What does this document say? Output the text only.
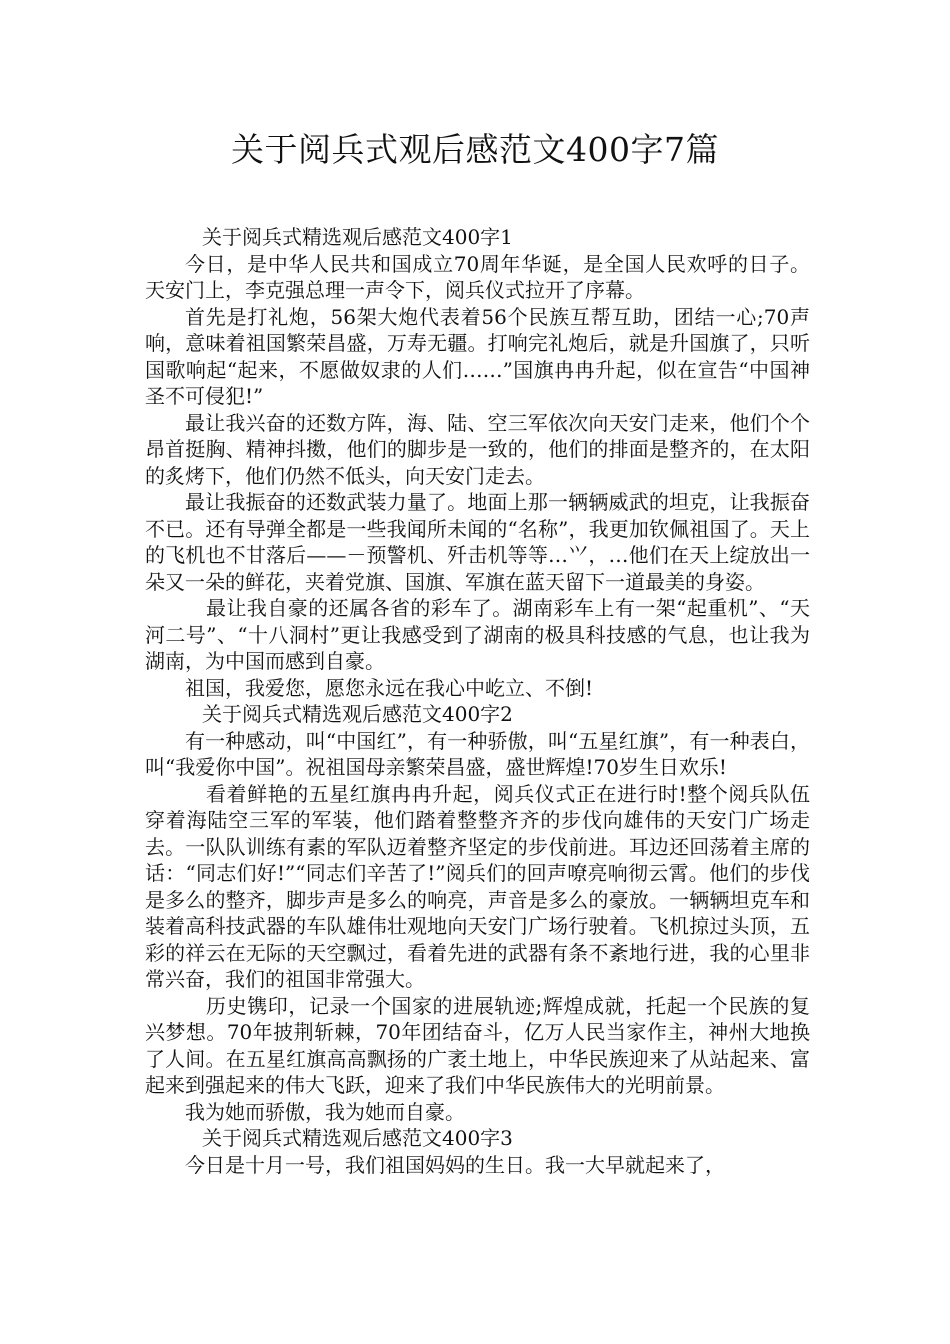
关于阅兵式观后感范文400字7篇

关于阅兵式精选观后感范文400字1

今日，是中华人民共和国成立70周年华诞，是全国人民欢呼的日子。天安门上，李克强总理一声令下，阅兵仪式拉开了序幕。

首先是打礼炮，56架大炮代表着56个民族互帮互助，团结一心;70声响，意味着祖国繁荣昌盛，万寿无疆。打响完礼炮后，就是升国旗了，只听国歌响起“起来，不愿做奴隶的人们……”国旗冉冉升起，似在宣告“中国神圣不可侵犯!”

最让我兴奋的还数方阵，海、陆、空三军依次向天安门走来，他们个个昂首挺胸、精神抖擞，他们的脚步是一致的，他们的排面是整齐的，在太阳的炙烤下，他们仍然不低头，向天安门走去。

最让我振奋的还数武装力量了。地面上那一辆辆威武的坦克，让我振奋不已。还有导弹全都是一些我闻所未闻的“名称”，我更加钦佩祖国了。天上的飞机也不甘落后——－预警机、歼击机等等…⺍，…他们在天上绽放出一朵又一朵的鲜花，夹着党旗、国旗、军旗在蓝天留下一道最美的身姿。

最让我自豪的还属各省的彩车了。湖南彩车上有一架“起重机”、“天河二号”、“十八洞村”更让我感受到了湖南的极具科技感的气息，也让我为湖南，为中国而感到自豪。

祖国，我爱您，愿您永远在我心中屹立、不倒!

关于阅兵式精选观后感范文400字2

有一种感动，叫“中国红”，有一种骄傲，叫“五星红旗”，有一种表白，叫“我爱你中国”。祝祖国母亲繁荣昌盛，盛世辉煌!70岁生日欢乐!

看着鲜艳的五星红旗冉冉升起，阅兵仪式正在进行时!整个阅兵队伍穿着海陆空三军的军装，他们踏着整整齐齐的步伐向雄伟的天安门广场走去。一队队训练有素的军队迈着整齐坚定的步伐前进。耳边还回荡着主席的话：“同志们好!”“同志们辛苦了!”阅兵们的回声嘹亮响彻云霄。他们的步伐是多么的整齐，脚步声是多么的响亮，声音是多么的豪放。一辆辆坦克车和装着高科技武器的车队雄伟壮观地向天安门广场行驶着。飞机掠过头顶，五彩的祥云在无际的天空飘过，看着先进的武器有条不紊地行进，我的心里非常兴奋，我们的祖国非常强大。

历史镌印，记录一个国家的进展轨迹;辉煌成就，托起一个民族的复兴梦想。70年披荆斩棘，70年团结奋斗，亿万人民当家作主，神州大地换了人间。在五星红旗高高飘扬的广袤土地上，中华民族迎来了从站起来、富起来到强起来的伟大飞跃，迎来了我们中华民族伟大的光明前景。

我为她而骄傲，我为她而自豪。

关于阅兵式精选观后感范文400字3

今日是十月一号，我们祖国妈妈的生日。我一大早就起来了，
